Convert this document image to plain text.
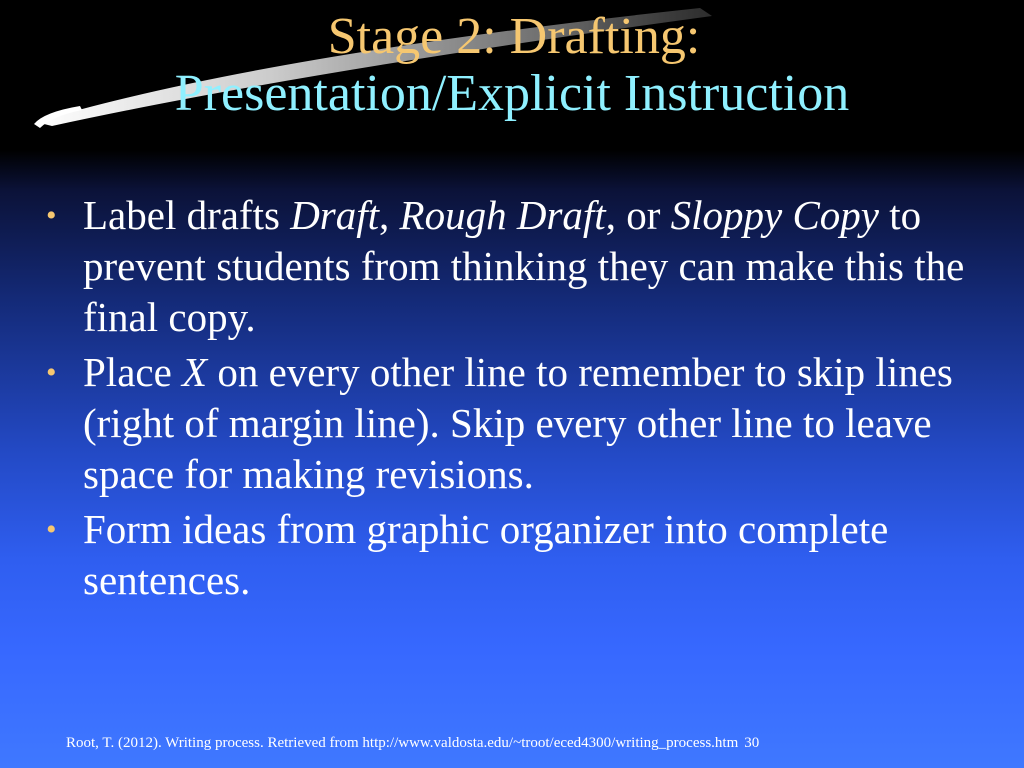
Stage 2: Drafting:
Presentation/Explicit Instruction
• Label drafts Draft, Rough Draft, or Sloppy Copy to prevent students from thinking they can make this the final copy.
• Place X on every other line to remember to skip lines (right of margin line). Skip every other line to leave space for making revisions.
• Form ideas from graphic organizer into complete sentences.
Root, T. (2012). Writing process. Retrieved from http://www.valdosta.edu/~troot/eced4300/writing_process.htm 30
